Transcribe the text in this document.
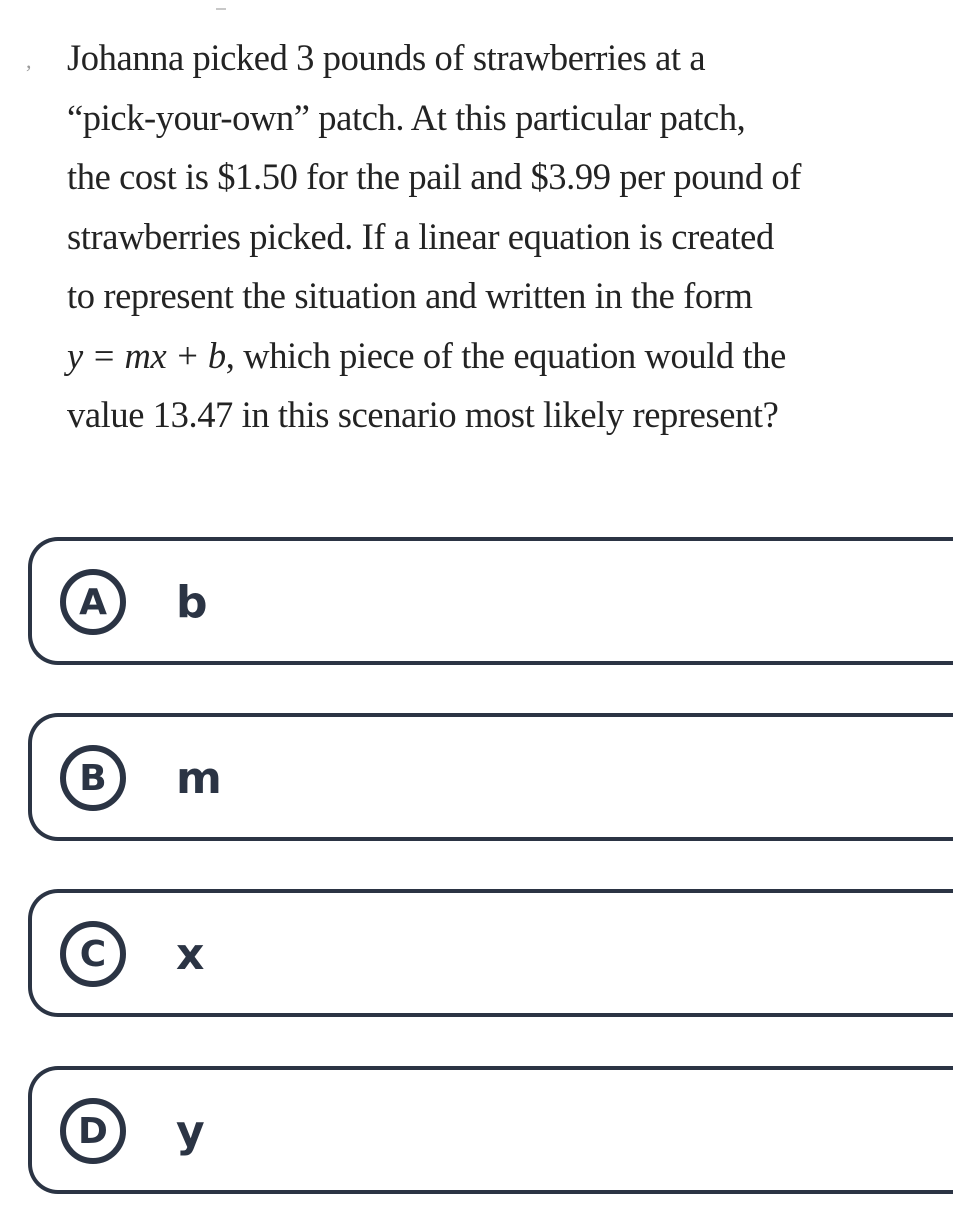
, Johanna picked 3 pounds of strawberries at a
“pick-your-own” patch. At this particular patch,
the cost is $1.50 for the pail and $3.99 per pound of
strawberries picked. If a linear equation is created
to represent the situation and written in the form
y = mx + b, which piece of the equation would the
value 13.47 in this scenario most likely represent?

A	b
B	m
C	x
D	y
